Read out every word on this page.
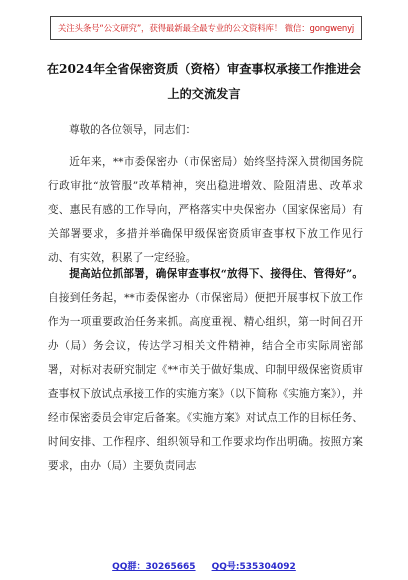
关注头条号“公文研究”，获得最新最全最专业的公文资料库！ 微信：gongwenyj
在2024年全省保密资质（资格）审查事权承接工作推进会
上的交流发言

尊敬的各位领导，同志们：

近年来，**市委保密办（市保密局）始终坚持深入贯彻国务院行政审批“放管服”改革精神，突出稳进增效、险阻清患、改革求变、惠民有感的工作导向，严格落实中央保密办（国家保密局）有关部署要求，多措并举确保甲级保密资质审查事权下放工作见行动、有实效，积累了一定经验。

提高站位抓部署，确保审查事权“放得下、接得住、管得好”。自接到任务起，**市委保密办（市保密局）便把开展事权下放工作作为一项重要政治任务来抓。高度重视、精心组织，第一时间召开办（局）务会议，传达学习相关文件精神，结合全市实际周密部署，对标对表研究制定《**市关于做好集成、印制甲级保密资质审查事权下放试点承接工作的实施方案》（以下简称《实施方案》），并经市保密委员会审定后备案。《实施方案》对试点工作的目标任务、时间安排、工作程序、组织领导和工作要求均作出明确。按照方案要求，由办（局）主要负责同志

QQ群：30265665 QQ号:535304092
